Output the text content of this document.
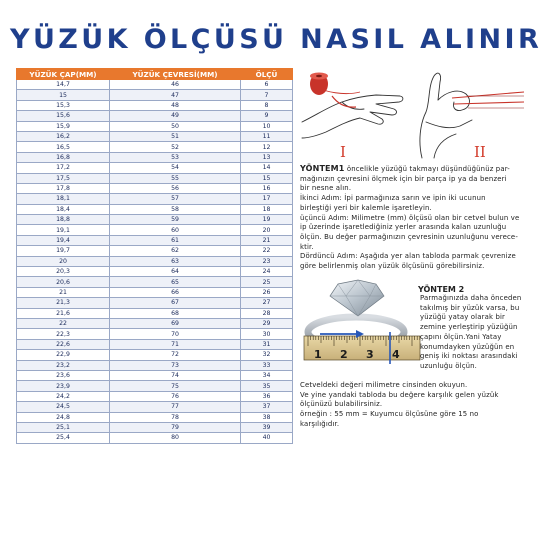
YÜZÜK ÖLÇÜSÜ NASIL ALINIR
YÜZÜK ÇAP(MM)	YÜZÜK ÇEVRESİ(MM)	ÖLÇÜ
14,7	46	6
15	47	7
15,3	48	8
15,6	49	9
15,9	50	10
16,2	51	11
16,5	52	12
16,8	53	13
17,2	54	14
17,5	55	15
17,8	56	16
18,1	57	17
18,4	58	18
18,8	59	19
19,1	60	20
19,4	61	21
19,7	62	22
20	63	23
20,3	64	24
20,6	65	25
21	66	26
21,3	67	27
21,6	68	28
22	69	29
22,3	70	30
22,6	71	31
22,9	72	32
23,2	73	33
23,6	74	34
23,9	75	35
24,2	76	36
24,5	77	37
24,8	78	38
25,1	79	39
25,4	80	40
I	II

YÖNTEM1 öncelikle yüzüğü takmayı düşündüğünüz par-

mağınızın çevresini ölçmek için bir parça ip ya da benzeri

bir nesne alın.

İkinci Adım: İpi parmağınıza sarın ve ipin iki ucunun

birleştiği yeri bir kalemle işaretleyin.

üçüncü Adım: Milimetre (mm) ölçüsü olan bir cetvel bulun ve

ip üzerinde işaretlediğiniz yerler arasında kalan uzunluğu

ölçün. Bu değer parmağınızın çevresinin uzunluğunu verece-

ktir.

Dördüncü Adım: Aşağıda yer alan tabloda parmak çevrenize

göre belirlenmiş olan yüzük ölçüsünü görebilirsiniz.

1 2 3 4
YÖNTEM 2

Parmağınızda daha önceden

takılmış bir yüzük varsa, bu

yüzüğü yatay olarak bir

zemine yerleştirip yüzüğün

çapını ölçün.Yani Yatay

konumdayken yüzüğün en

geniş iki noktası arasındaki

uzunluğu ölçün.

Cetveldeki değeri milimetre cinsinden okuyun.

Ve yine yandaki tabloda bu değere karşılık gelen yüzük

ölçünüzü bulabilirsiniz.

örneğin : 55 mm = Kuyumcu ölçüsüne göre 15 no

karşılığıdır.
